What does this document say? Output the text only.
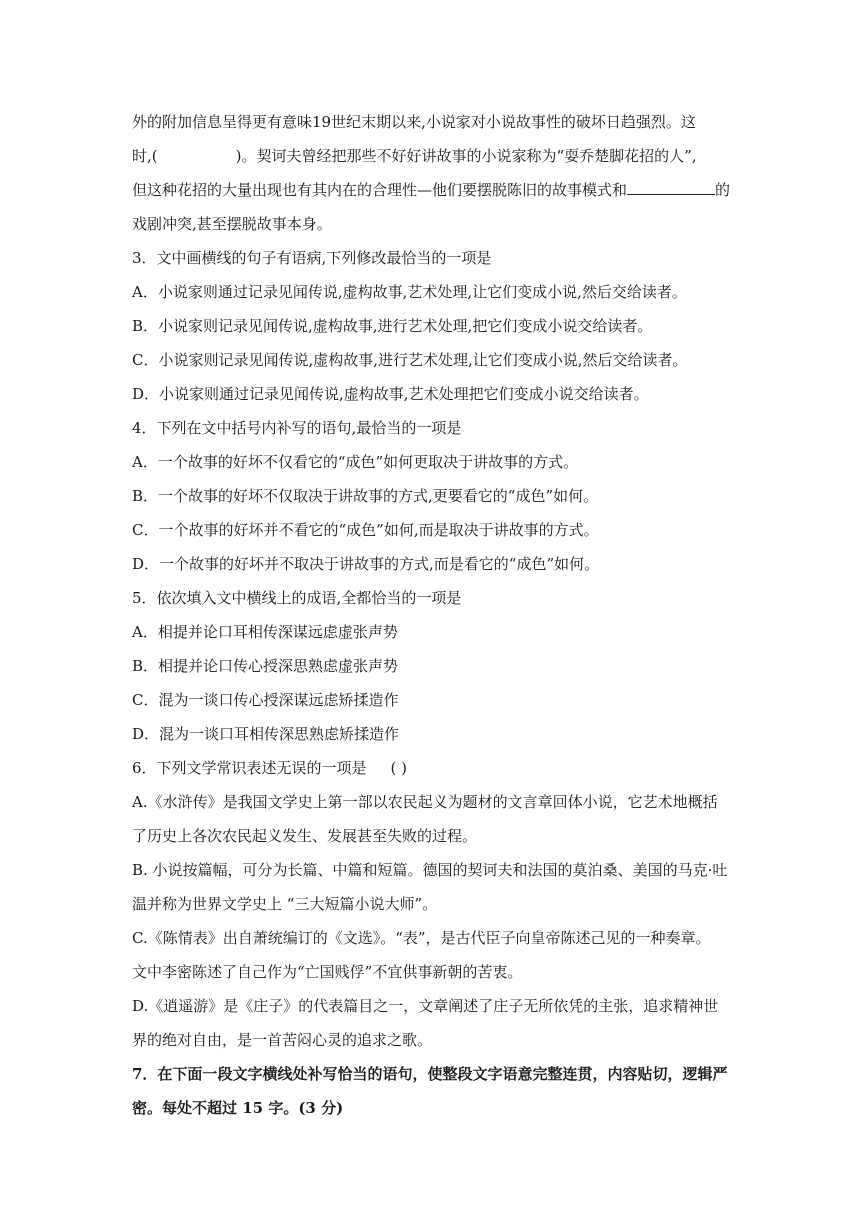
外的附加信息呈得更有意味19世纪末期以来,小说家对小说故事性的破坏日趋强烈。这
时,(	)。契诃夫曾经把那些不好好讲故事的小说家称为“耍乔楚脚花招的人”,
但这种花招的大量出现也有其内在的合理性—他们要摆脱陈旧的故事模式和	的
戏剧冲突,甚至摆脱故事本身。
3．文中画横线的句子有语病,下列修改最恰当的一项是
A．小说家则通过记录见闻传说,虚构故事,艺术处理,让它们变成小说,然后交给读者。
B．小说家则记录见闻传说,虚构故事,进行艺术处理,把它们变成小说交给读者。
C．小说家则记录见闻传说,虚构故事,进行艺术处理,让它们变成小说,然后交给读者。
D．小说家则通过记录见闻传说,虚构故事,艺术处理把它们变成小说交给读者。
4．下列在文中括号内补写的语句,最恰当的一项是
A．一个故事的好坏不仅看它的“成色”如何更取决于讲故事的方式。
B．一个故事的好坏不仅取决于讲故事的方式,更要看它的“成色”如何。
C．一个故事的好坏并不看它的“成色”如何,而是取决于讲故事的方式。
D．一个故事的好坏并不取决于讲故事的方式,而是看它的“成色”如何。
5．依次填入文中横线上的成语,全都恰当的一项是
A．相提并论口耳相传深谋远虑虚张声势
B．相提并论口传心授深思熟虑虚张声势
C．混为一谈口传心授深谋远虑矫揉造作
D．混为一谈口耳相传深思熟虑矫揉造作
6．下列文学常识表述无误的一项是 ( )
A.《水浒传》是我国文学史上第一部以农民起义为题材的文言章回体小说，它艺术地概括
了历史上各次农民起义发生、发展甚至失败的过程。
B. 小说按篇幅，可分为长篇、中篇和短篇。德国的契诃夫和法国的莫泊桑、美国的马克·吐
温并称为世界文学史上 “三大短篇小说大师”。
C.《陈情表》出自萧统编订的《文选》。“表”，是古代臣子向皇帝陈述己见的一种奏章。
文中李密陈述了自己作为“亡国贱俘”不宜供事新朝的苦衷。
D.《逍遥游》是《庄子》的代表篇目之一，文章阐述了庄子无所依凭的主张，追求精神世
界的绝对自由，是一首苦闷心灵的追求之歌。
7．在下面一段文字横线处补写恰当的语句，使整段文字语意完整连贯，内容贴切，逻辑严
密。每处不超过 15 字。(3 分)
